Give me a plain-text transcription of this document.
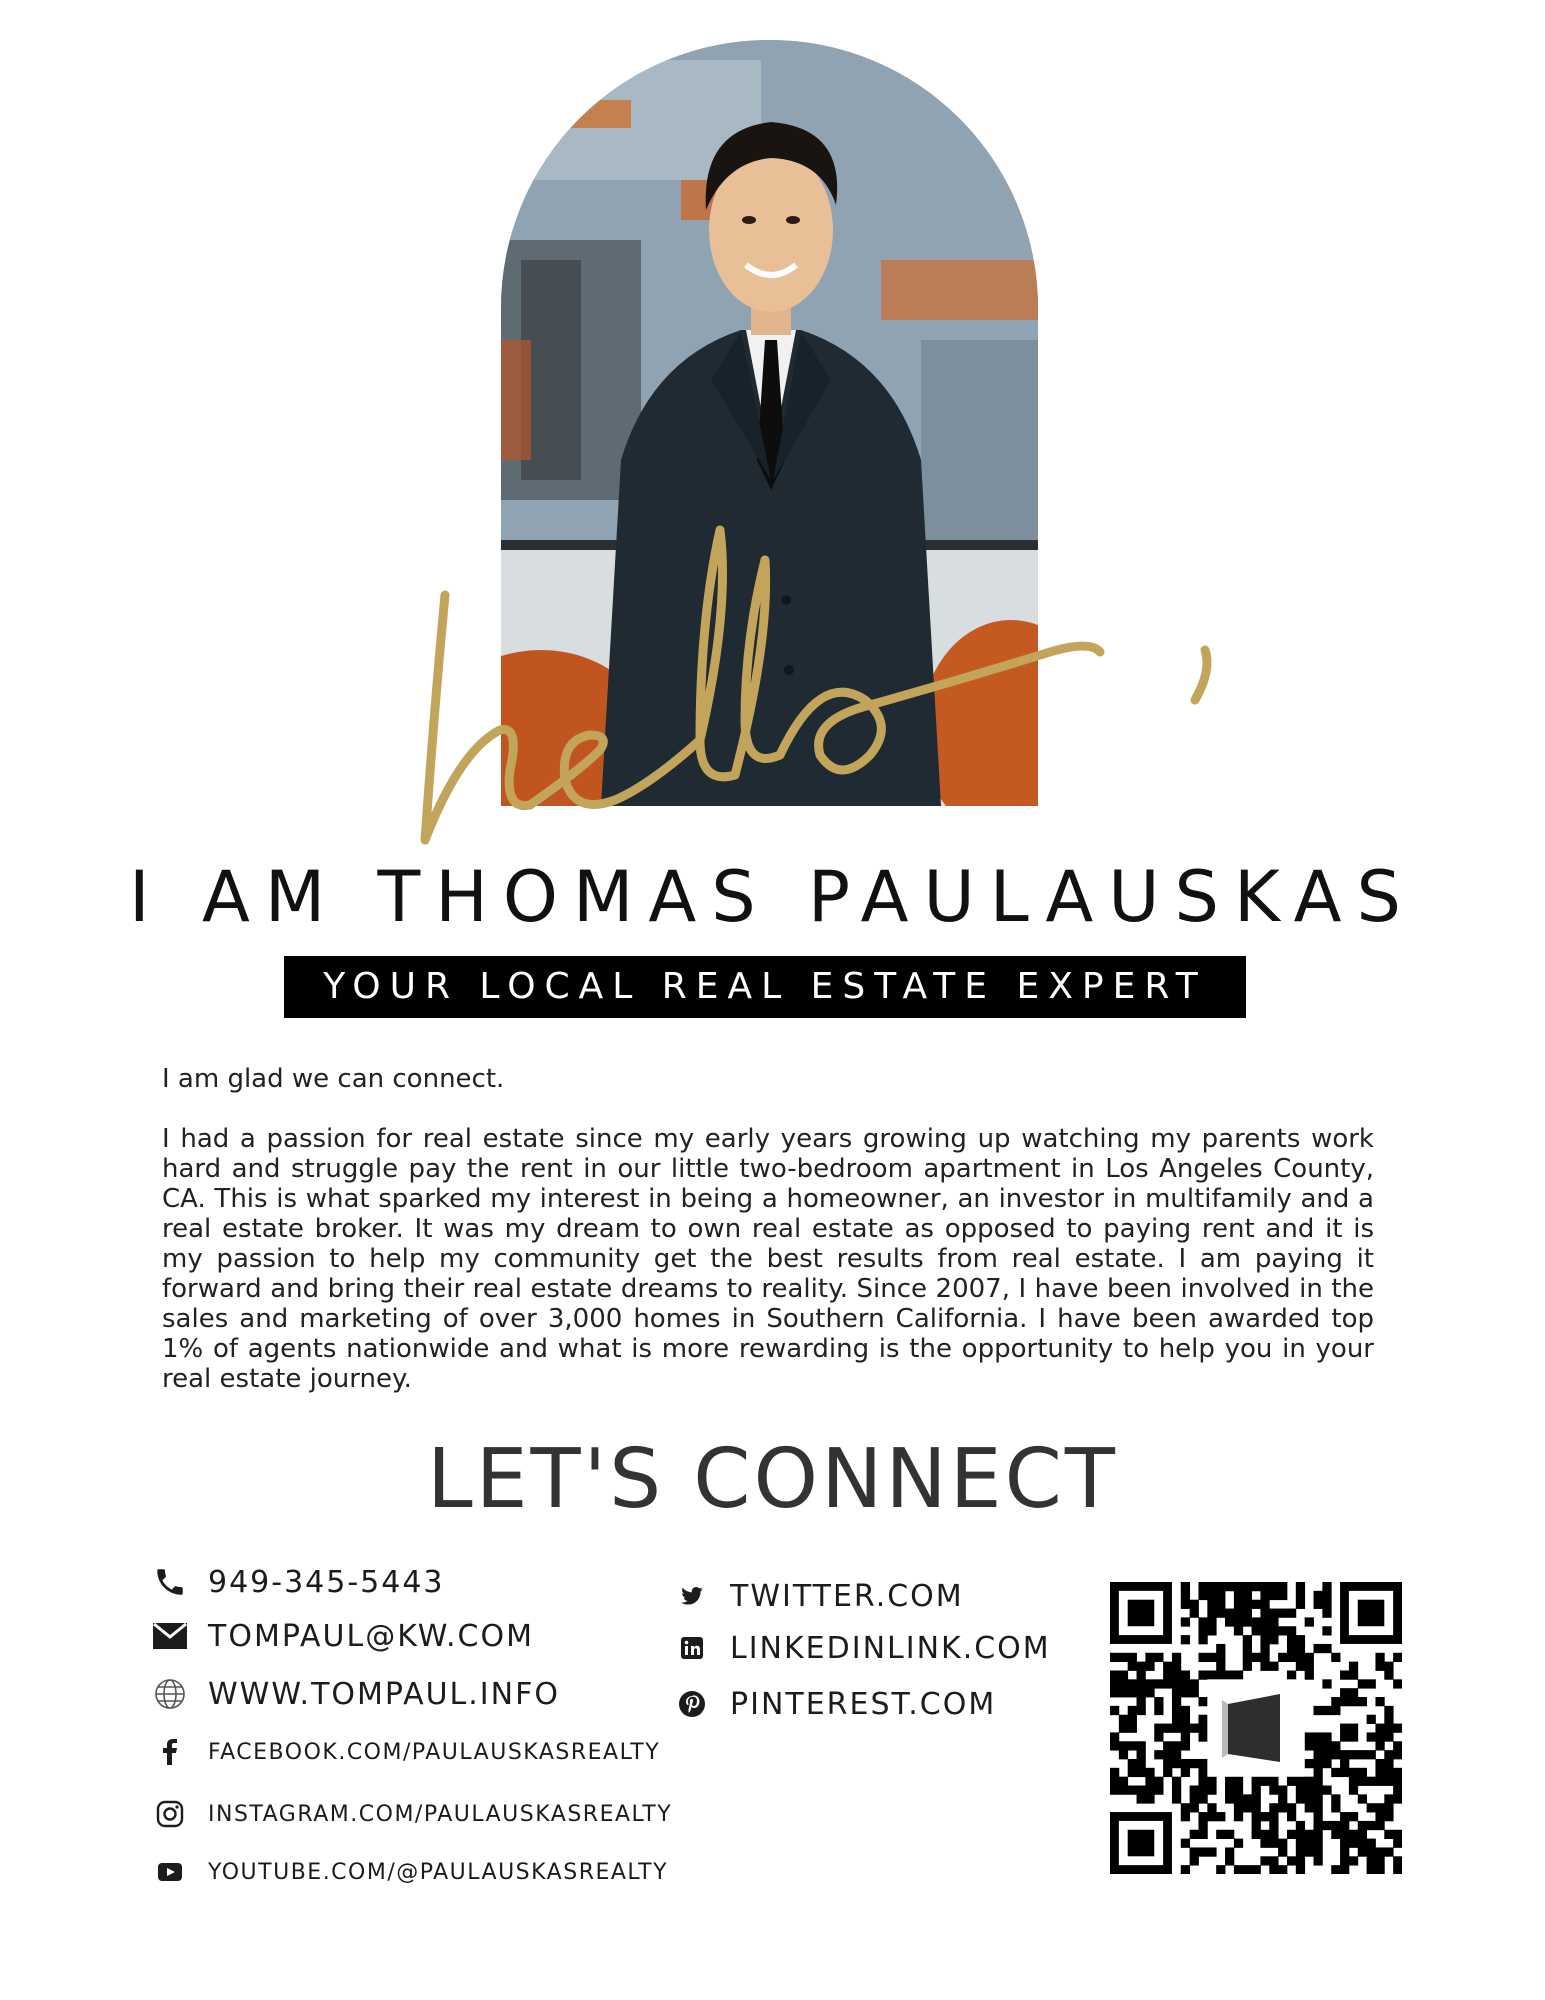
I AM THOMAS PAULAUSKAS
YOUR LOCAL REAL ESTATE EXPERT
I am glad we can connect.

I had a passion for real estate since my early years growing up watching my parents work hard and struggle pay the rent in our little two-bedroom apartment in Los Angeles County, CA. This is what sparked my interest in being a homeowner, an investor in multifamily and a real estate broker. It was my dream to own real estate as opposed to paying rent and it is my passion to help my community get the best results from real estate. I am paying it forward and bring their real estate dreams to reality. Since 2007, I have been involved in the sales and marketing of over 3,000 homes in Southern California. I have been awarded top 1% of agents nationwide and what is more rewarding is the opportunity to help you in your real estate journey.

LET'S CONNECT
949-345-5443
TOMPAUL@KW.COM
WWW.TOMPAUL.INFO
FACEBOOK.COM/PAULAUSKASREALTY
INSTAGRAM.COM/PAULAUSKASREALTY
YOUTUBE.COM/@PAULAUSKASREALTY
TWITTER.COM
LINKEDINLINK.COM
PINTEREST.COM
